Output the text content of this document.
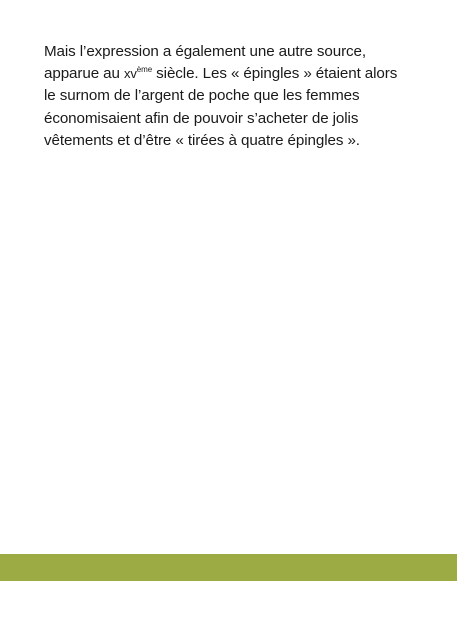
Mais l’expression a également une autre source,
apparue au $xv^{ème}$ siècle. Les « épingles » étaient alors
le surnom de l’argent de poche que les femmes
économisaient afin de pouvoir s’acheter de jolis
vêtements et d’être « tirées à quatre épingles ».
